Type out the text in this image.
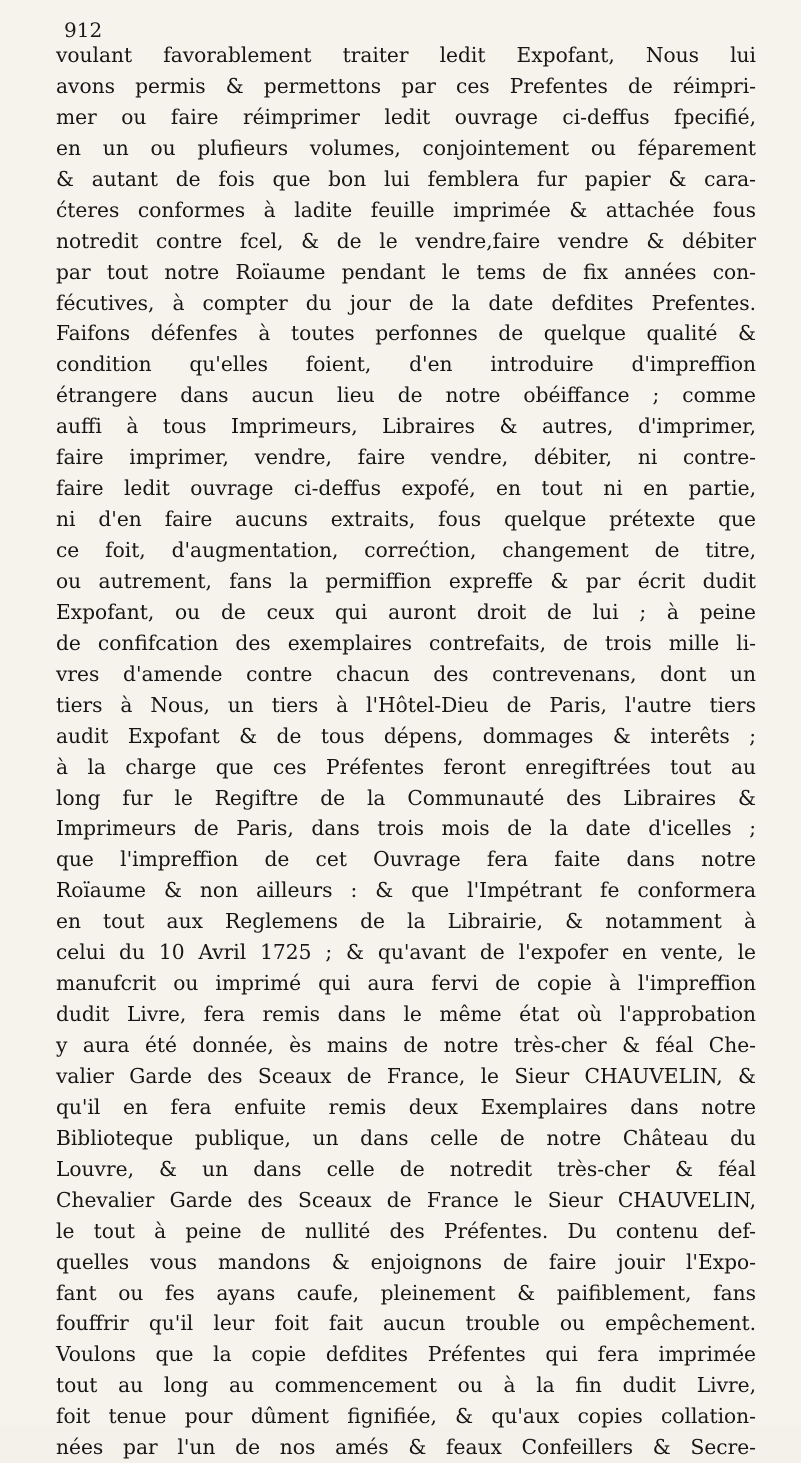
912
voulant favorablement traiter ledit Expofant, Nous lui
avons permis & permettons par ces Prefentes de réimpri-
mer ou faire réimprimer ledit ouvrage ci-deffus fpecifié,
en un ou plufieurs volumes, conjointement ou féparement
& autant de fois que bon lui femblera fur papier & cara-
ćteres conformes à ladite feuille imprimée & attachée fous
notredit contre fcel, & de le vendre,faire vendre & débiter
par tout notre Roïaume pendant le tems de fix années con-
fécutives, à compter du jour de la date defdites Prefentes.
Faifons défenfes à toutes perfonnes de quelque qualité &
condition qu'elles foient, d'en introduire d'impreffion
étrangere dans aucun lieu de notre obéiffance ; comme
auffi à tous Imprimeurs, Libraires & autres, d'imprimer,
faire imprimer, vendre, faire vendre, débiter, ni contre-
faire ledit ouvrage ci-deffus expofé, en tout ni en partie,
ni d'en faire aucuns extraits, fous quelque prétexte que
ce foit, d'augmentation, correćtion, changement de titre,
ou autrement, fans la permiffion expreffe & par écrit dudit
Expofant, ou de ceux qui auront droit de lui ; à peine
de confifcation des exemplaires contrefaits, de trois mille li-
vres d'amende contre chacun des contrevenans, dont un
tiers à Nous, un tiers à l'Hôtel-Dieu de Paris, l'autre tiers
audit Expofant & de tous dépens, dommages & interêts ;
à la charge que ces Préfentes feront enregiftrées tout au
long fur le Regiftre de la Communauté des Libraires &
Imprimeurs de Paris, dans trois mois de la date d'icelles ;
que l'impreffion de cet Ouvrage fera faite dans notre
Roïaume & non ailleurs : & que l'Impétrant fe conformera
en tout aux Reglemens de la Librairie, & notamment à
celui du 10 Avril 1725 ; & qu'avant de l'expofer en vente, le
manufcrit ou imprimé qui aura fervi de copie à l'impreffion
dudit Livre, fera remis dans le même état où l'approbation
y aura été donnée, ès mains de notre très-cher & féal Che-
valier Garde des Sceaux de France, le Sieur CHAUVELIN, &
qu'il en fera enfuite remis deux Exemplaires dans notre
Biblioteque publique, un dans celle de notre Château du
Louvre, & un dans celle de notredit très-cher & féal
Chevalier Garde des Sceaux de France le Sieur CHAUVELIN,
le tout à peine de nullité des Préfentes. Du contenu def-
quelles vous mandons & enjoignons de faire jouir l'Expo-
fant ou fes ayans caufe, pleinement & paifiblement, fans
fouffrir qu'il leur foit fait aucun trouble ou empêchement.
Voulons que la copie defdites Préfentes qui fera imprimée
tout au long au commencement ou à la fin dudit Livre,
foit tenue pour dûment fignifiée, & qu'aux copies collation-
nées par l'un de nos amés & feaux Confeillers & Secre-
